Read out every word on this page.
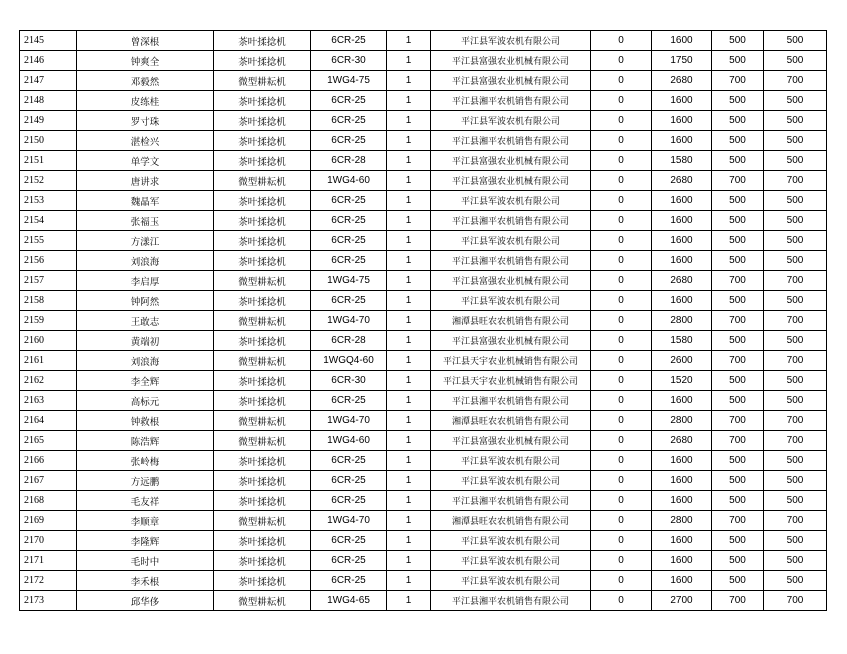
2145	曾深根	茶叶揉捻机	6CR-25	1	平江县军波农机有限公司	0	1600	500	500
2146	钟爽全	茶叶揉捻机	6CR-30	1	平江县富强农业机械有限公司	0	1750	500	500
2147	邓毅然	微型耕耘机	1WG4-75	1	平江县富强农业机械有限公司	0	2680	700	700
2148	皮练桂	茶叶揉捻机	6CR-25	1	平江县湘平农机销售有限公司	0	1600	500	500
2149	罗寸珠	茶叶揉捻机	6CR-25	1	平江县军波农机有限公司	0	1600	500	500
2150	湛检兴	茶叶揉捻机	6CR-25	1	平江县湘平农机销售有限公司	0	1600	500	500
2151	单学文	茶叶揉捻机	6CR-28	1	平江县富强农业机械有限公司	0	1580	500	500
2152	唐讲求	微型耕耘机	1WG4-60	1	平江县富强农业机械有限公司	0	2680	700	700
2153	魏晶军	茶叶揉捻机	6CR-25	1	平江县军波农机有限公司	0	1600	500	500
2154	张福玉	茶叶揉捻机	6CR-25	1	平江县湘平农机销售有限公司	0	1600	500	500
2155	方漾江	茶叶揉捻机	6CR-25	1	平江县军波农机有限公司	0	1600	500	500
2156	刘浪海	茶叶揉捻机	6CR-25	1	平江县湘平农机销售有限公司	0	1600	500	500
2157	李启厚	微型耕耘机	1WG4-75	1	平江县富强农业机械有限公司	0	2680	700	700
2158	钟阿然	茶叶揉捻机	6CR-25	1	平江县军波农机有限公司	0	1600	500	500
2159	王敢志	微型耕耘机	1WG4-70	1	湘潭县旺农农机销售有限公司	0	2800	700	700
2160	黄端初	茶叶揉捻机	6CR-28	1	平江县富强农业机械有限公司	0	1580	500	500
2161	刘浪海	微型耕耘机	1WGQ4-60	1	平江县天宇农业机械销售有限公司	0	2600	700	700
2162	李全辉	茶叶揉捻机	6CR-30	1	平江县天宇农业机械销售有限公司	0	1520	500	500
2163	高标元	茶叶揉捻机	6CR-25	1	平江县湘平农机销售有限公司	0	1600	500	500
2164	钟救根	微型耕耘机	1WG4-70	1	湘潭县旺农农机销售有限公司	0	2800	700	700
2165	陈浩辉	微型耕耘机	1WG4-60	1	平江县富强农业机械有限公司	0	2680	700	700
2166	张岭梅	茶叶揉捻机	6CR-25	1	平江县军波农机有限公司	0	1600	500	500
2167	方远鹏	茶叶揉捻机	6CR-25	1	平江县军波农机有限公司	0	1600	500	500
2168	毛友祥	茶叶揉捻机	6CR-25	1	平江县湘平农机销售有限公司	0	1600	500	500
2169	李顺章	微型耕耘机	1WG4-70	1	湘潭县旺农农机销售有限公司	0	2800	700	700
2170	李隆辉	茶叶揉捻机	6CR-25	1	平江县军波农机有限公司	0	1600	500	500
2171	毛时中	茶叶揉捻机	6CR-25	1	平江县军波农机有限公司	0	1600	500	500
2172	李禾根	茶叶揉捻机	6CR-25	1	平江县军波农机有限公司	0	1600	500	500
2173	邱华侈	微型耕耘机	1WG4-65	1	平江县湘平农机销售有限公司	0	2700	700	700
